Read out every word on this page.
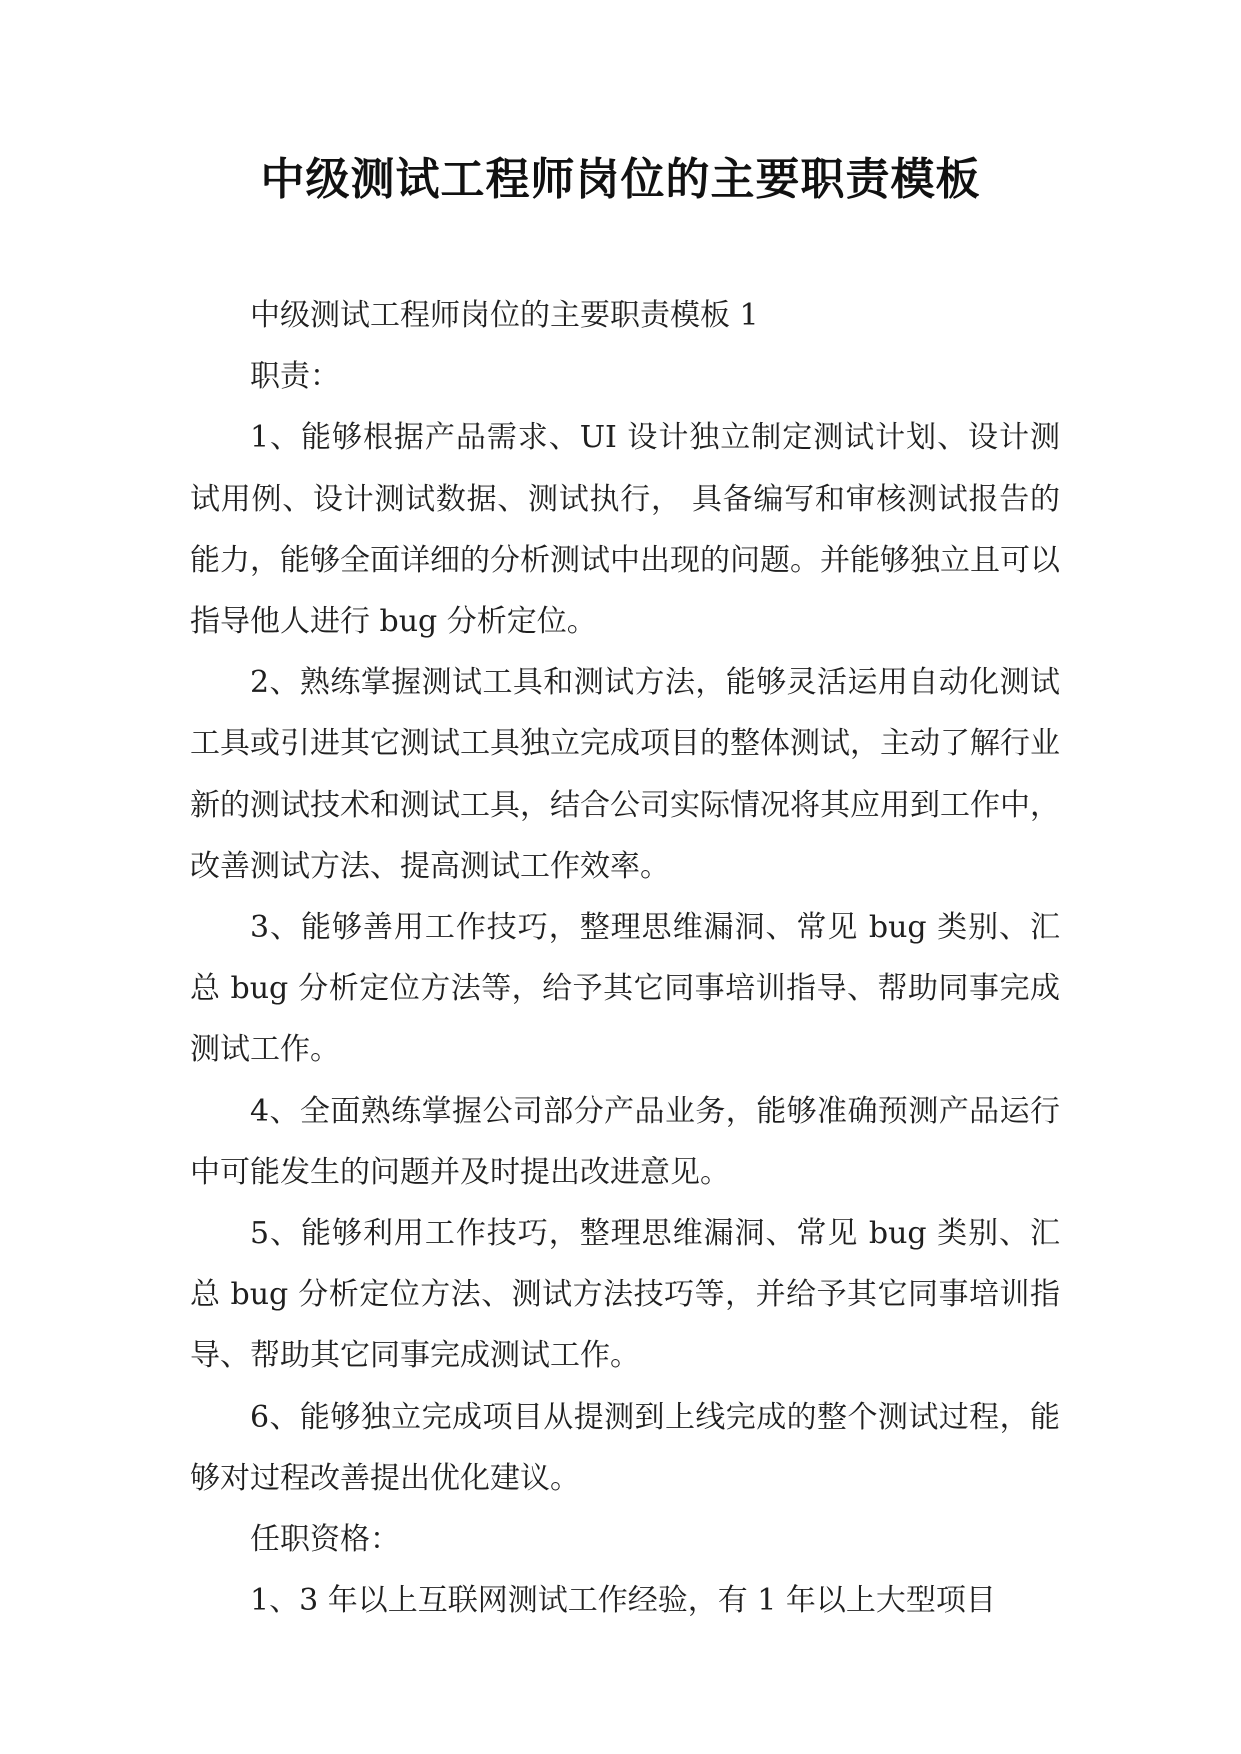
中级测试工程师岗位的主要职责模板

中级测试工程师岗位的主要职责模板 1

职责：

1、能够根据产品需求、UI 设计独立制定测试计划、设计测试用例、设计测试数据、测试执行， 具备编写和审核测试报告的能力，能够全面详细的分析测试中出现的问题。并能够独立且可以指导他人进行 bug 分析定位。

2、熟练掌握测试工具和测试方法，能够灵活运用自动化测试工具或引进其它测试工具独立完成项目的整体测试，主动了解行业新的测试技术和测试工具，结合公司实际情况将其应用到工作中，改善测试方法、提高测试工作效率。

3、能够善用工作技巧，整理思维漏洞、常见 bug 类别、汇总 bug 分析定位方法等，给予其它同事培训指导、帮助同事完成测试工作。

4、全面熟练掌握公司部分产品业务，能够准确预测产品运行中可能发生的问题并及时提出改进意见。

5、能够利用工作技巧，整理思维漏洞、常见 bug 类别、汇总 bug 分析定位方法、测试方法技巧等，并给予其它同事培训指导、帮助其它同事完成测试工作。

6、能够独立完成项目从提测到上线完成的整个测试过程，能够对过程改善提出优化建议。

任职资格：

1、3 年以上互联网测试工作经验，有 1 年以上大型项目
